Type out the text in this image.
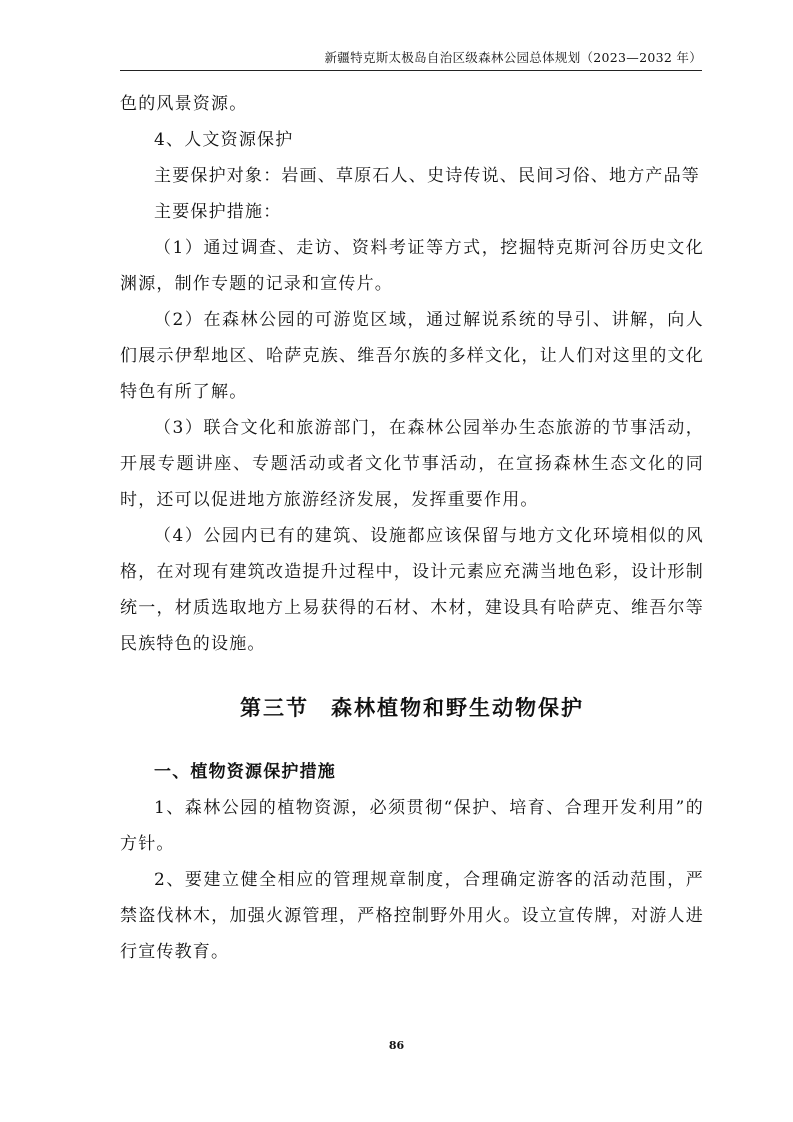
新疆特克斯太极岛自治区级森林公园总体规划（2023—2032 年）

色的风景资源。

4、人文资源保护

主要保护对象：岩画、草原石人、史诗传说、民间习俗、地方产品等

主要保护措施：

（1）通过调查、走访、资料考证等方式，挖掘特克斯河谷历史文化渊源，制作专题的记录和宣传片。

（2）在森林公园的可游览区域，通过解说系统的导引、讲解，向人们展示伊犁地区、哈萨克族、维吾尔族的多样文化，让人们对这里的文化特色有所了解。

（3）联合文化和旅游部门，在森林公园举办生态旅游的节事活动，开展专题讲座、专题活动或者文化节事活动，在宣扬森林生态文化的同时，还可以促进地方旅游经济发展，发挥重要作用。

（4）公园内已有的建筑、设施都应该保留与地方文化环境相似的风格，在对现有建筑改造提升过程中，设计元素应充满当地色彩，设计形制统一，材质选取地方上易获得的石材、木材，建设具有哈萨克、维吾尔等民族特色的设施。

第三节 森林植物和野生动物保护
一、植物资源保护措施

1、森林公园的植物资源，必须贯彻“保护、培育、合理开发利用”的方针。

2、要建立健全相应的管理规章制度，合理确定游客的活动范围，严禁盗伐林木，加强火源管理，严格控制野外用火。设立宣传牌，对游人进行宣传教育。

86
